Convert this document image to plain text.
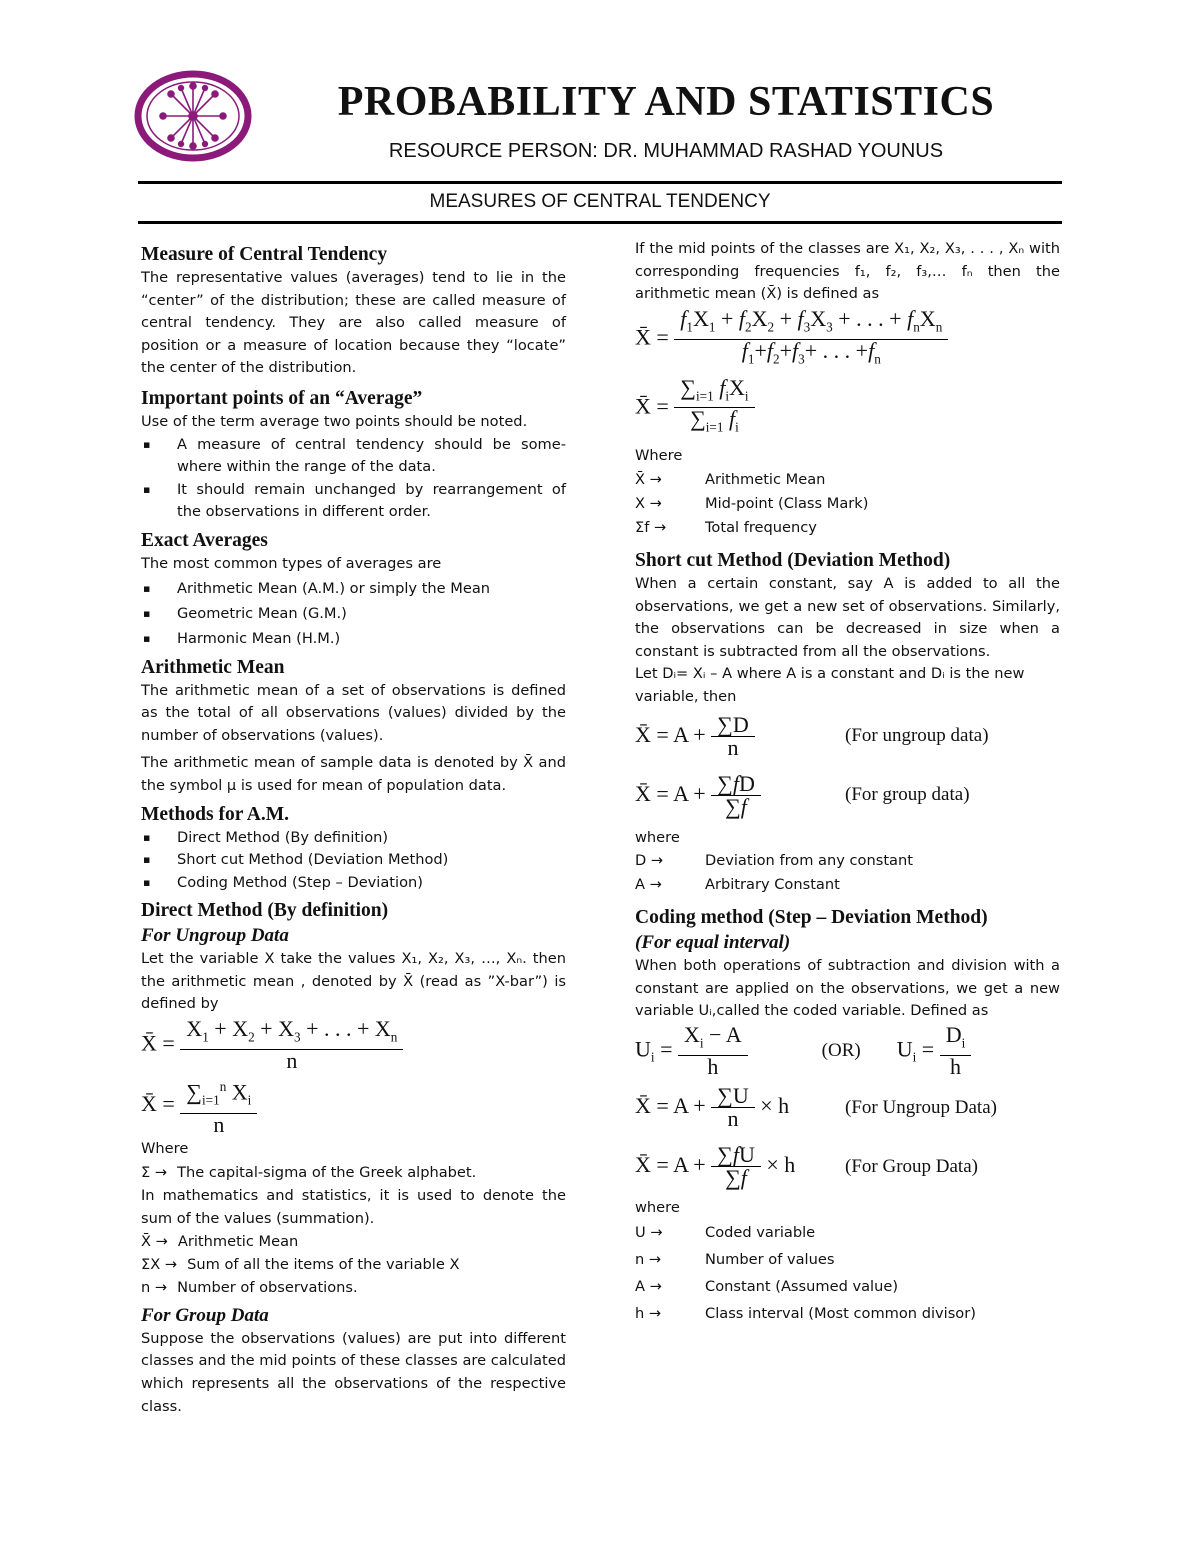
PROBABILITY AND STATISTICS
RESOURCE PERSON: DR. MUHAMMAD RASHAD YOUNUS
MEASURES OF CENTRAL TENDENCY
Measure of Central Tendency

The representative values (averages) tend to lie in the “center” of the distribution; these are called measure of central tendency. They are also called measure of position or a measure of location because they “locate” the center of the distribution.

Important points of an “Average”

Use of the term average two points should be noted.

▪ A measure of central tendency should be some-where within the range of the data.
▪ It should remain unchanged by rearrangement of the observations in different order.
Exact Averages

The most common types of averages are

▪ Arithmetic Mean (A.M.) or simply the Mean
▪ Geometric Mean (G.M.)
▪ Harmonic Mean (H.M.)
Arithmetic Mean

The arithmetic mean of a set of observations is defined as the total of all observations (values) divided by the number of observations (values).

The arithmetic mean of sample data is denoted by X̄ and the symbol μ is used for mean of population data.

Methods for A.M.
▪ Direct Method (By definition)
▪ Short cut Method (Deviation Method)
▪ Coding Method (Step – Deviation)
Direct Method (By definition)
For Ungroup Data

Let the variable X take the values X₁, X₂, X₃, …, Xₙ. then the arithmetic mean , denoted by X̄ (read as ”X-bar”) is defined by

X̄ = $\frac{X_1 + X_2 + X_3 + . . . + X_n}{n}$
X̄ = $\frac{\sum_{i=1}^n X_i}{n}$

Where

Σ → The capital-sigma of the Greek alphabet.
In mathematics and statistics, it is used to denote the sum of the values (summation).
X̄ → Arithmetic Mean
ΣX → Sum of all the items of the variable X
n → Number of observations.
For Group Data

Suppose the observations (values) are put into different classes and the mid points of these classes are calculated which represents all the observations of the respective class.

If the mid points of the classes are X₁, X₂, X₃, . . . , Xₙ with corresponding frequencies f₁, f₂, f₃,… fₙ then the arithmetic mean (X̄) is defined as

X̄ = $\frac{f_1X_1 + f_2X_2 + f_3X_3 + . . . + f_nX_n}{f_1+f_2+f_3+ . . . +f_n}$
X̄ = $\frac{\sum_{i=1} f_iX_i}{\sum_{i=1} f_i}$

Where

X̄ →	Arithmetic Mean
X →	Mid-point (Class Mark)
Σf →	Total frequency
Short cut Method (Deviation Method)

When a certain constant, say A is added to all the observations, we get a new set of observations. Similarly, the observations can be decreased in size when a constant is subtracted from all the observations.

Let Dᵢ= Xᵢ – A where A is a constant and Dᵢ is the new variable, then

X̄ = $A + \frac{\sum D}{n}$	(For ungroup data)
X̄ = $A + \frac{\sum fD}{\sum f}$	(For group data)

where

D →	Deviation from any constant
A →	Arbitrary Constant
Coding method (Step – Deviation Method)
(For equal interval)

When both operations of subtraction and division with a constant are applied on the observations, we get a new variable Uᵢ,called the coded variable. Defined as

$U_i = \frac{X_i - A}{h}$	(OR) $U_i = \frac{D_i}{h}$
X̄ = $A + \frac{\sum U}{n} \times h$	(For Ungroup Data)
X̄ = $A + \frac{\sum fU}{\sum f} \times h$	(For Group Data)

where

U →	Coded variable
n →	Number of values
A →	Constant (Assumed value)
h →	Class interval (Most common divisor)
